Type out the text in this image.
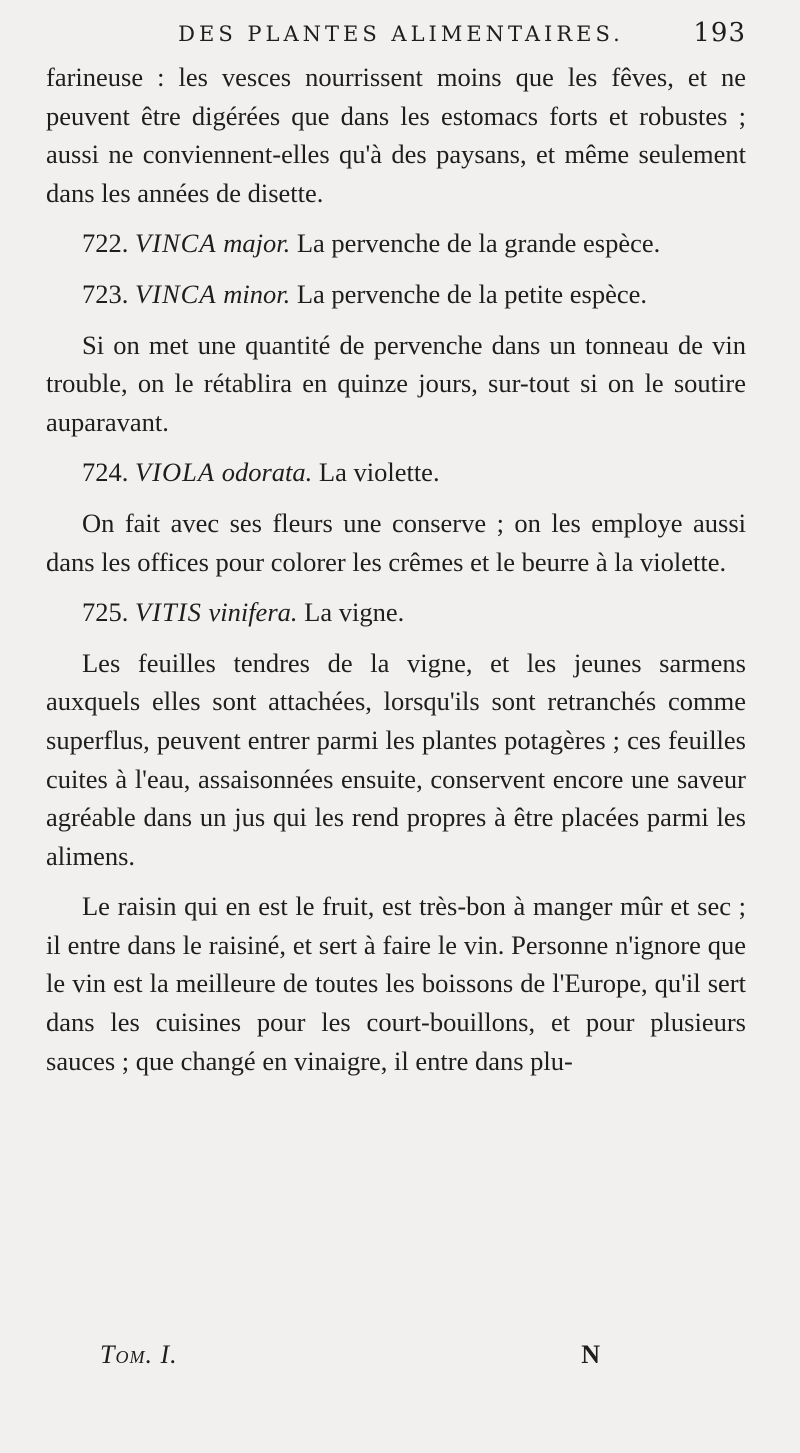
DES PLANTES ALIMENTAIRES.	193

farineuse : les vesces nourrissent moins que les fêves, et ne peuvent être digérées que dans les estomacs forts et robustes ; aussi ne conviennent-elles qu'à des paysans, et même seulement dans les années de disette.

722. VINCA major. La pervenche de la grande espèce.

723. VINCA minor. La pervenche de la petite espèce.

Si on met une quantité de pervenche dans un tonneau de vin trouble, on le rétablira en quinze jours, sur-tout si on le soutire auparavant.

724. VIOLA odorata. La violette.

On fait avec ses fleurs une conserve ; on les employe aussi dans les offices pour colorer les crêmes et le beurre à la violette.

725. VITIS vinifera. La vigne.

Les feuilles tendres de la vigne, et les jeunes sarmens auxquels elles sont attachées, lorsqu'ils sont retranchés comme superflus, peuvent entrer parmi les plantes potagères ; ces feuilles cuites à l'eau, assaisonnées ensuite, conservent encore une saveur agréable dans un jus qui les rend propres à être placées parmi les alimens.

Le raisin qui en est le fruit, est très-bon à manger mûr et sec ; il entre dans le raisiné, et sert à faire le vin. Personne n'ignore que le vin est la meilleure de toutes les boissons de l'Europe, qu'il sert dans les cuisines pour les court-bouillons, et pour plusieurs sauces ; que changé en vinaigre, il entre dans plu-

Tom. I.	N
